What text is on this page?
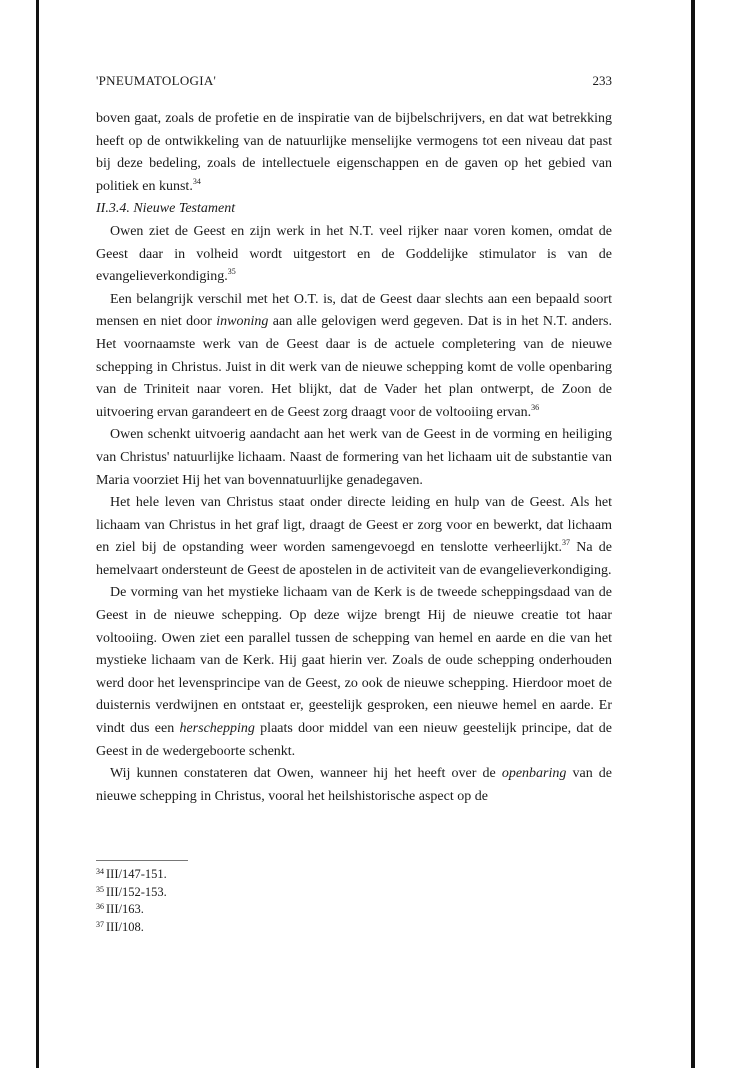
'PNEUMATOLOGIA'	233

boven gaat, zoals de profetie en de inspiratie van de bijbelschrijvers, en dat wat betrekking heeft op de ontwikkeling van de natuurlijke menselijke vermogens tot een niveau dat past bij deze bedeling, zoals de intellectuele eigenschappen en de gaven op het gebied van politiek en kunst.$^{34}$

II.3.4. Nieuwe Testament

Owen ziet de Geest en zijn werk in het N.T. veel rijker naar voren komen, omdat de Geest daar in volheid wordt uitgestort en de Goddelijke stimulator is van de evangelieverkondiging.$^{35}$

Een belangrijk verschil met het O.T. is, dat de Geest daar slechts aan een bepaald soort mensen en niet door inwoning aan alle gelovigen werd gegeven. Dat is in het N.T. anders. Het voornaamste werk van de Geest daar is de actuele completering van de nieuwe schepping in Christus. Juist in dit werk van de nieuwe schepping komt de volle openbaring van de Triniteit naar voren. Het blijkt, dat de Vader het plan ontwerpt, de Zoon de uitvoering ervan garandeert en de Geest zorg draagt voor de voltooiing ervan.$^{36}$

Owen schenkt uitvoerig aandacht aan het werk van de Geest in de vorming en heiliging van Christus' natuurlijke lichaam. Naast de formering van het lichaam uit de substantie van Maria voorziet Hij het van bovennatuurlijke genadegaven.

Het hele leven van Christus staat onder directe leiding en hulp van de Geest. Als het lichaam van Christus in het graf ligt, draagt de Geest er zorg voor en bewerkt, dat lichaam en ziel bij de opstanding weer worden samengevoegd en tenslotte verheerlijkt.$^{37}$ Na de hemelvaart ondersteunt de Geest de apostelen in de activiteit van de evangelieverkondiging.

De vorming van het mystieke lichaam van de Kerk is de tweede scheppingsdaad van de Geest in de nieuwe schepping. Op deze wijze brengt Hij de nieuwe creatie tot haar voltooiing. Owen ziet een parallel tussen de schepping van hemel en aarde en die van het mystieke lichaam van de Kerk. Hij gaat hierin ver. Zoals de oude schepping onderhouden werd door het levensprincipe van de Geest, zo ook de nieuwe schepping. Hierdoor moet de duisternis verdwijnen en ontstaat er, geestelijk gesproken, een nieuwe hemel en aarde. Er vindt dus een herschepping plaats door middel van een nieuw geestelijk principe, dat de Geest in de wedergeboorte schenkt.

Wij kunnen constateren dat Owen, wanneer hij het heeft over de openbaring van de nieuwe schepping in Christus, vooral het heilshistorische aspect op de

$^{34}$ III/147-151.
$^{35}$ III/152-153.
$^{36}$ III/163.
$^{37}$ III/108.
